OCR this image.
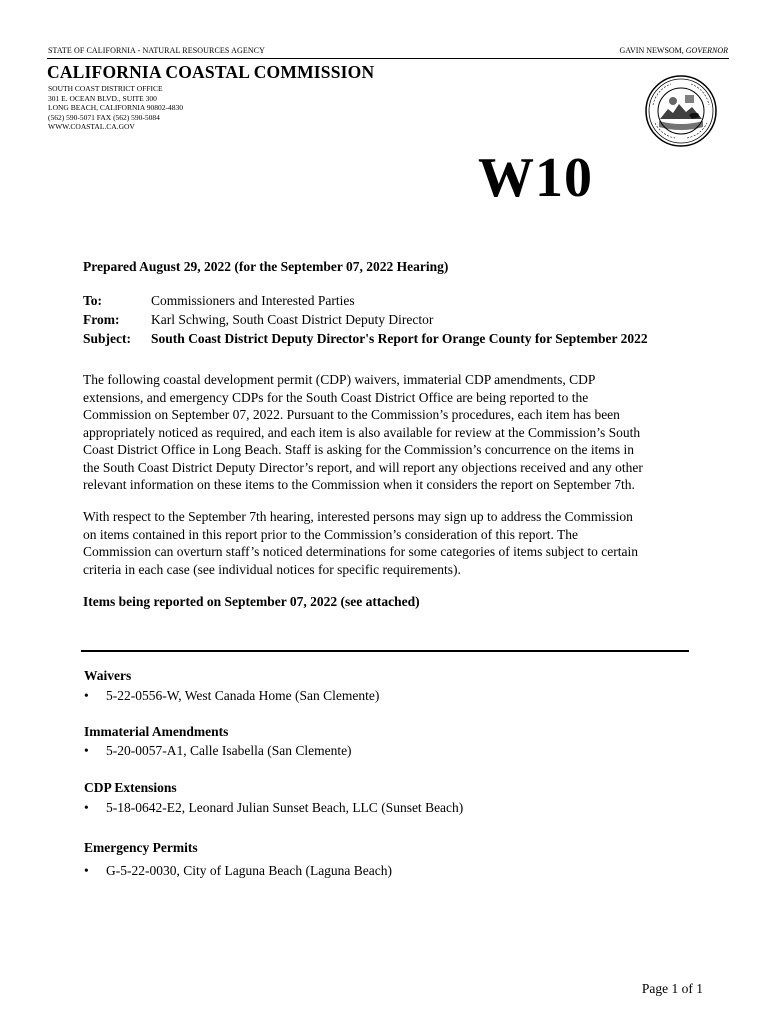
STATE OF CALIFORNIA - NATURAL RESOURCES AGENCY	GAVIN NEWSOM, GOVERNOR
CALIFORNIA COASTAL COMMISSION
SOUTH COAST DISTRICT OFFICE
301 E. OCEAN BLVD., SUITE 300
LONG BEACH, CALIFORNIA 90802-4830
(562) 590-5071 FAX (562) 590-5084
WWW.COASTAL.CA.GOV
W10
Prepared August 29, 2022 (for the September 07, 2022 Hearing)
To:	Commissioners and Interested Parties
From: Karl Schwing, South Coast District Deputy Director
Subject: South Coast District Deputy Director's Report for Orange County for September 2022
The following coastal development permit (CDP) waivers, immaterial CDP amendments, CDP
extensions, and emergency CDPs for the South Coast District Office are being reported to the
Commission on September 07, 2022. Pursuant to the Commission’s procedures, each item has been
appropriately noticed as required, and each item is also available for review at the Commission’s South
Coast District Office in Long Beach. Staff is asking for the Commission’s concurrence on the items in
the South Coast District Deputy Director’s report, and will report any objections received and any other
relevant information on these items to the Commission when it considers the report on September 7th.
With respect to the September 7th hearing, interested persons may sign up to address the Commission
on items contained in this report prior to the Commission’s consideration of this report. The
Commission can overturn staff’s noticed determinations for some categories of items subject to certain
criteria in each case (see individual notices for specific requirements).
Items being reported on September 07, 2022 (see attached)
Waivers
• 5-22-0556-W, West Canada Home (San Clemente)
Immaterial Amendments
• 5-20-0057-A1, Calle Isabella (San Clemente)
CDP Extensions
• 5-18-0642-E2, Leonard Julian Sunset Beach, LLC (Sunset Beach)
Emergency Permits
• G-5-22-0030, City of Laguna Beach (Laguna Beach)
Page 1 of 1
